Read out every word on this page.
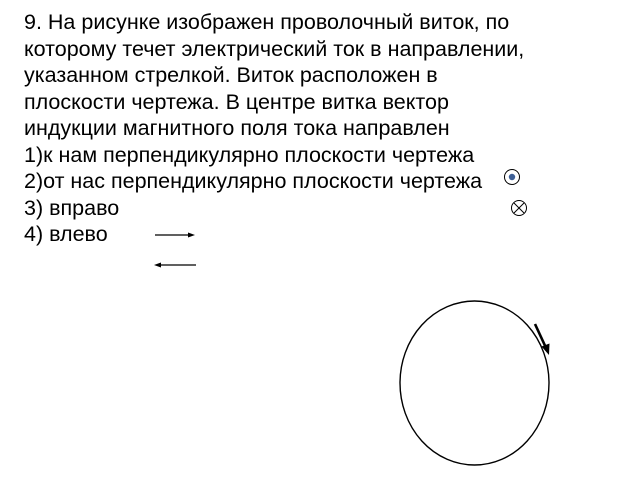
9. На рисунке изображен проволочный виток, по
которому течет электрический ток в направлении,
указанном стрелкой. Виток расположен в
плоскости чертежа. В центре витка вектор
индукции магнитного поля тока направлен
1)к нам перпендикулярно плоскости чертежа
2)от нас перпендикулярно плоскости чертежа
3) вправо
4) влево
